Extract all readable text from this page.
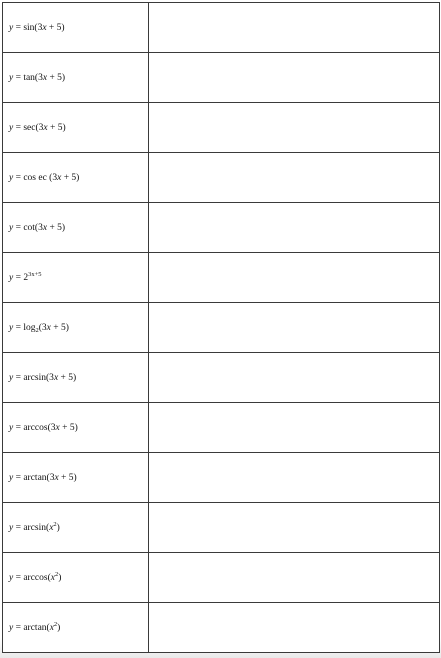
y = sin(3x + 5)	
y = tan(3x + 5)	
y = sec(3x + 5)	
y = cos ec (3x + 5)	
y = cot(3x + 5)	
$y = 2^{3x+5}$	
$y = \log_2(3x + 5)$	
y = arcsin(3x + 5)	
y = arccos(3x + 5)	
y = arctan(3x + 5)	
$y = \arcsin(x^2)$	
$y = \arccos(x^2)$	
$y = \arctan(x^2)$	
